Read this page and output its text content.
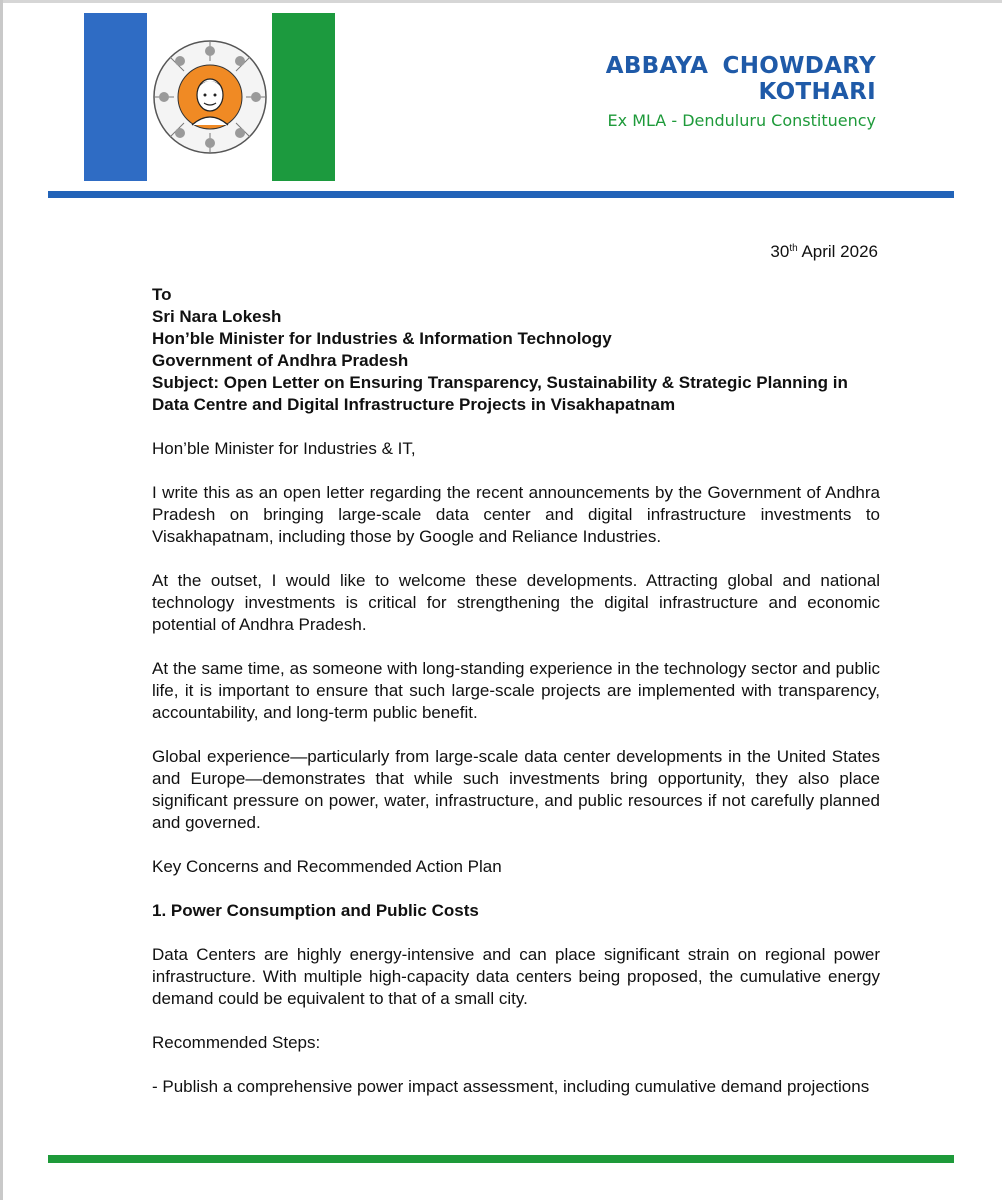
ABBAYA CHOWDARY KOTHARI
Ex MLA - Denduluru Constituency
30th April 2026

To

Sri Nara Lokesh

Hon’ble Minister for Industries & Information Technology

Government of Andhra Pradesh

Subject: Open Letter on Ensuring Transparency, Sustainability & Strategic Planning in Data Centre and Digital Infrastructure Projects in Visakhapatnam

Hon’ble Minister for Industries & IT,

I write this as an open letter regarding the recent announcements by the Government of Andhra Pradesh on bringing large-scale data center and digital infrastructure investments to Visakhapatnam, including those by Google and Reliance Industries.

At the outset, I would like to welcome these developments. Attracting global and national technology investments is critical for strengthening the digital infrastructure and economic potential of Andhra Pradesh.

At the same time, as someone with long-standing experience in the technology sector and public life, it is important to ensure that such large-scale projects are implemented with transparency, accountability, and long-term public benefit.

Global experience—particularly from large-scale data center developments in the United States and Europe—demonstrates that while such investments bring opportunity, they also place significant pressure on power, water, infrastructure, and public resources if not carefully planned and governed.

Key Concerns and Recommended Action Plan

1. Power Consumption and Public Costs

Data Centers are highly energy-intensive and can place significant strain on regional power infrastructure. With multiple high-capacity data centers being proposed, the cumulative energy demand could be equivalent to that of a small city.

Recommended Steps:

- Publish a comprehensive power impact assessment, including cumulative demand projections
